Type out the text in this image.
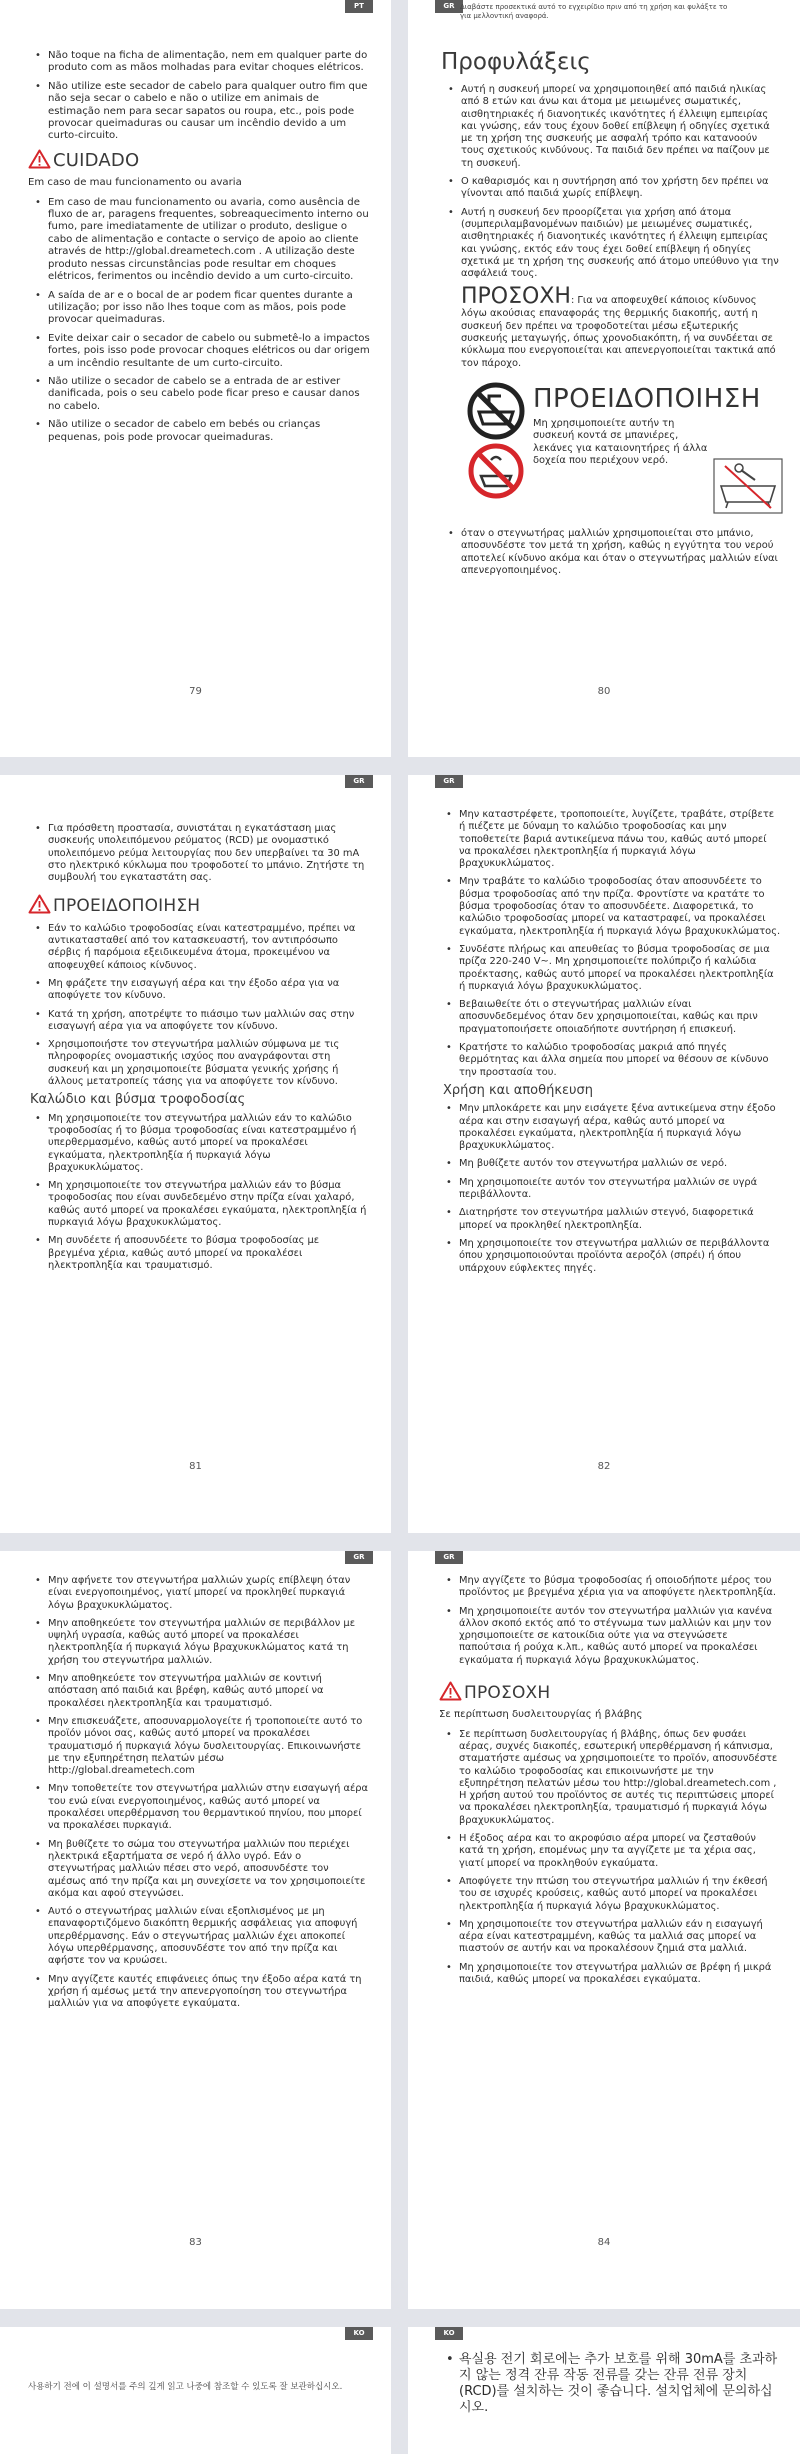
PT
• Não toque na ficha de alimentação, nem em qualquer parte do produto com as mãos molhadas para evitar choques elétricos.
• Não utilize este secador de cabelo para qualquer outro fim que não seja secar o cabelo e não o utilize em animais de estimação nem para secar sapatos ou roupa, etc., pois pode provocar queimaduras ou causar um incêndio devido a um curto-circuito.
CUIDADO
Em caso de mau funcionamento ou avaria
• Em caso de mau funcionamento ou avaria, como ausência de fluxo de ar, paragens frequentes, sobreaquecimento interno ou fumo, pare imediatamente de utilizar o produto, desligue o cabo de alimentação e contacte o serviço de apoio ao cliente através de http://global.dreametech.com . A utilização deste produto nessas circunstâncias pode resultar em choques elétricos, ferimentos ou incêndio devido a um curto-circuito.
• A saída de ar e o bocal de ar podem ficar quentes durante a utilização; por isso não lhes toque com as mãos, pois pode provocar queimaduras.
• Evite deixar cair o secador de cabelo ou submetê-lo a impactos fortes, pois isso pode provocar choques elétricos ou dar origem a um incêndio resultante de um curto-circuito.
• Não utilize o secador de cabelo se a entrada de ar estiver danificada, pois o seu cabelo pode ficar preso e causar danos no cabelo.
• Não utilize o secador de cabelo em bebés ou crianças pequenas, pois pode provocar queimaduras.
79
GR Διαβάστε προσεκτικά αυτό το εγχειρίδιο πριν από τη χρήση και φυλάξτε το για μελλοντική αναφορά.
Προφυλάξεις
• Αυτή η συσκευή μπορεί να χρησιμοποιηθεί από παιδιά ηλικίας από 8 ετών και άνω και άτομα με μειωμένες σωματικές, αισθητηριακές ή διανοητικές ικανότητες ή έλλειψη εμπειρίας και γνώσης, εάν τους έχουν δοθεί επίβλεψη ή οδηγίες σχετικά με τη χρήση της συσκευής με ασφαλή τρόπο και κατανοούν τους σχετικούς κινδύνους. Τα παιδιά δεν πρέπει να παίζουν με τη συσκευή.
• Ο καθαρισμός και η συντήρηση από τον χρήστη δεν πρέπει να γίνονται από παιδιά χωρίς επίβλεψη.
• Αυτή η συσκευή δεν προορίζεται για χρήση από άτομα (συμπεριλαμβανομένων παιδιών) με μειωμένες σωματικές, αισθητηριακές ή διανοητικές ικανότητες ή έλλειψη εμπειρίας και γνώσης, εκτός εάν τους έχει δοθεί επίβλεψη ή οδηγίες σχετικά με τη χρήση της συσκευής από άτομο υπεύθυνο για την ασφάλειά τους.
ΠΡΟΣΟΧΗ: Για να αποφευχθεί κάποιος κίνδυνος λόγω ακούσιας επαναφοράς της θερμικής διακοπής, αυτή η συσκευή δεν πρέπει να τροφοδοτείται μέσω εξωτερικής συσκευής μεταγωγής, όπως χρονοδιακόπτη, ή να συνδέεται σε κύκλωμα που ενεργοποιείται και απενεργοποιείται τακτικά από τον πάροχο.
ΠΡΟΕΙΔΟΠΟΙΗΣΗ
Μη χρησιμοποιείτε αυτήν τη συσκευή κοντά σε μπανιέρες, λεκάνες για καταιονητήρες ή άλλα δοχεία που περιέχουν νερό.
• όταν ο στεγνωτήρας μαλλιών χρησιμοποιείται στο μπάνιο, αποσυνδέστε τον μετά τη χρήση, καθώς η εγγύτητα του νερού αποτελεί κίνδυνο ακόμα και όταν ο στεγνωτήρας μαλλιών είναι απενεργοποιημένος.
80
GR
• Για πρόσθετη προστασία, συνιστάται η εγκατάσταση μιας συσκευής υπολειπόμενου ρεύματος (RCD) με ονομαστικό υπολειπόμενο ρεύμα λειτουργίας που δεν υπερβαίνει τα 30 mA στο ηλεκτρικό κύκλωμα που τροφοδοτεί το μπάνιο. Ζητήστε τη συμβουλή του εγκαταστάτη σας.
ΠΡΟΕΙΔΟΠΟΙΗΣΗ
• Εάν το καλώδιο τροφοδοσίας είναι κατεστραμμένο, πρέπει να αντικατασταθεί από τον κατασκευαστή, τον αντιπρόσωπο σέρβις ή παρόμοια εξειδικευμένα άτομα, προκειμένου να αποφευχθεί κάποιος κίνδυνος.
• Μη φράζετε την εισαγωγή αέρα και την έξοδο αέρα για να αποφύγετε τον κίνδυνο.
• Κατά τη χρήση, αποτρέψτε το πιάσιμο των μαλλιών σας στην εισαγωγή αέρα για να αποφύγετε τον κίνδυνο.
• Χρησιμοποιήστε τον στεγνωτήρα μαλλιών σύμφωνα με τις πληροφορίες ονομαστικής ισχύος που αναγράφονται στη συσκευή και μη χρησιμοποιείτε βύσματα γενικής χρήσης ή άλλους μετατροπείς τάσης για να αποφύγετε τον κίνδυνο.
Καλώδιο και βύσμα τροφοδοσίας
• Μη χρησιμοποιείτε τον στεγνωτήρα μαλλιών εάν το καλώδιο τροφοδοσίας ή το βύσμα τροφοδοσίας είναι κατεστραμμένο ή υπερθερμασμένο, καθώς αυτό μπορεί να προκαλέσει εγκαύματα, ηλεκτροπληξία ή πυρκαγιά λόγω βραχυκυκλώματος.
• Μη χρησιμοποιείτε τον στεγνωτήρα μαλλιών εάν το βύσμα τροφοδοσίας που είναι συνδεδεμένο στην πρίζα είναι χαλαρό, καθώς αυτό μπορεί να προκαλέσει εγκαύματα, ηλεκτροπληξία ή πυρκαγιά λόγω βραχυκυκλώματος.
• Μη συνδέετε ή αποσυνδέετε το βύσμα τροφοδοσίας με βρεγμένα χέρια, καθώς αυτό μπορεί να προκαλέσει ηλεκτροπληξία και τραυματισμό.
81
GR
• Μην καταστρέφετε, τροποποιείτε, λυγίζετε, τραβάτε, στρίβετε ή πιέζετε με δύναμη το καλώδιο τροφοδοσίας και μην τοποθετείτε βαριά αντικείμενα πάνω του, καθώς αυτό μπορεί να προκαλέσει ηλεκτροπληξία ή πυρκαγιά λόγω βραχυκυκλώματος.
• Μην τραβάτε το καλώδιο τροφοδοσίας όταν αποσυνδέετε το βύσμα τροφοδοσίας από την πρίζα. Φροντίστε να κρατάτε το βύσμα τροφοδοσίας όταν το αποσυνδέετε. Διαφορετικά, το καλώδιο τροφοδοσίας μπορεί να καταστραφεί, να προκαλέσει εγκαύματα, ηλεκτροπληξία ή πυρκαγιά λόγω βραχυκυκλώματος.
• Συνδέστε πλήρως και απευθείας το βύσμα τροφοδοσίας σε μια πρίζα 220-240 V~. Μη χρησιμοποιείτε πολύπριζο ή καλώδια προέκτασης, καθώς αυτό μπορεί να προκαλέσει ηλεκτροπληξία ή πυρκαγιά λόγω βραχυκυκλώματος.
• Βεβαιωθείτε ότι ο στεγνωτήρας μαλλιών είναι αποσυνδεδεμένος όταν δεν χρησιμοποιείται, καθώς και πριν πραγματοποιήσετε οποιαδήποτε συντήρηση ή επισκευή.
• Κρατήστε το καλώδιο τροφοδοσίας μακριά από πηγές θερμότητας και άλλα σημεία που μπορεί να θέσουν σε κίνδυνο την προστασία του.
Χρήση και αποθήκευση
• Μην μπλοκάρετε και μην εισάγετε ξένα αντικείμενα στην έξοδο αέρα και στην εισαγωγή αέρα, καθώς αυτό μπορεί να προκαλέσει εγκαύματα, ηλεκτροπληξία ή πυρκαγιά λόγω βραχυκυκλώματος.
• Μη βυθίζετε αυτόν τον στεγνωτήρα μαλλιών σε νερό.
• Μη χρησιμοποιείτε αυτόν τον στεγνωτήρα μαλλιών σε υγρά περιβάλλοντα.
• Διατηρήστε τον στεγνωτήρα μαλλιών στεγνό, διαφορετικά μπορεί να προκληθεί ηλεκτροπληξία.
• Μη χρησιμοποιείτε τον στεγνωτήρα μαλλιών σε περιβάλλοντα όπου χρησιμοποιούνται προϊόντα αεροζόλ (σπρέι) ή όπου υπάρχουν εύφλεκτες πηγές.
82
GR
• Μην αφήνετε τον στεγνωτήρα μαλλιών χωρίς επίβλεψη όταν είναι ενεργοποιημένος, γιατί μπορεί να προκληθεί πυρκαγιά λόγω βραχυκυκλώματος.
• Μην αποθηκεύετε τον στεγνωτήρα μαλλιών σε περιβάλλον με υψηλή υγρασία, καθώς αυτό μπορεί να προκαλέσει ηλεκτροπληξία ή πυρκαγιά λόγω βραχυκυκλώματος κατά τη χρήση του στεγνωτήρα μαλλιών.
• Μην αποθηκεύετε τον στεγνωτήρα μαλλιών σε κοντινή απόσταση από παιδιά και βρέφη, καθώς αυτό μπορεί να προκαλέσει ηλεκτροπληξία και τραυματισμό.
• Μην επισκευάζετε, αποσυναρμολογείτε ή τροποποιείτε αυτό το προϊόν μόνοι σας, καθώς αυτό μπορεί να προκαλέσει τραυματισμό ή πυρκαγιά λόγω δυσλειτουργίας. Επικοινωνήστε με την εξυπηρέτηση πελατών μέσω http://global.dreametech.com
• Μην τοποθετείτε τον στεγνωτήρα μαλλιών στην εισαγωγή αέρα του ενώ είναι ενεργοποιημένος, καθώς αυτό μπορεί να προκαλέσει υπερθέρμανση του θερμαντικού πηνίου, που μπορεί να προκαλέσει πυρκαγιά.
• Μη βυθίζετε το σώμα του στεγνωτήρα μαλλιών που περιέχει ηλεκτρικά εξαρτήματα σε νερό ή άλλο υγρό. Εάν ο στεγνωτήρας μαλλιών πέσει στο νερό, αποσυνδέστε τον αμέσως από την πρίζα και μη συνεχίσετε να τον χρησιμοποιείτε ακόμα και αφού στεγνώσει.
• Αυτό ο στεγνωτήρας μαλλιών είναι εξοπλισμένος με μη επαναφορτιζόμενο διακόπτη θερμικής ασφάλειας για αποφυγή υπερθέρμανσης. Εάν ο στεγνωτήρας μαλλιών έχει αποκοπεί λόγω υπερθέρμανσης, αποσυνδέστε τον από την πρίζα και αφήστε τον να κρυώσει.
• Μην αγγίζετε καυτές επιφάνειες όπως την έξοδο αέρα κατά τη χρήση ή αμέσως μετά την απενεργοποίηση του στεγνωτήρα μαλλιών για να αποφύγετε εγκαύματα.
83
GR
• Μην αγγίζετε το βύσμα τροφοδοσίας ή οποιοδήποτε μέρος του προϊόντος με βρεγμένα χέρια για να αποφύγετε ηλεκτροπληξία.
• Μη χρησιμοποιείτε αυτόν τον στεγνωτήρα μαλλιών για κανένα άλλον σκοπό εκτός από το στέγνωμα των μαλλιών και μην τον χρησιμοποιείτε σε κατοικίδια ούτε για να στεγνώσετε παπούτσια ή ρούχα κ.λπ., καθώς αυτό μπορεί να προκαλέσει εγκαύματα ή πυρκαγιά λόγω βραχυκυκλώματος.
ΠΡΟΣΟΧΗ
Σε περίπτωση δυσλειτουργίας ή βλάβης
• Σε περίπτωση δυσλειτουργίας ή βλάβης, όπως δεν φυσάει αέρας, συχνές διακοπές, εσωτερική υπερθέρμανση ή κάπνισμα, σταματήστε αμέσως να χρησιμοποιείτε το προϊόν, αποσυνδέστε το καλώδιο τροφοδοσίας και επικοινωνήστε με την εξυπηρέτηση πελατών μέσω του http://global.dreametech.com , Η χρήση αυτού του προϊόντος σε αυτές τις περιπτώσεις μπορεί να προκαλέσει ηλεκτροπληξία, τραυματισμό ή πυρκαγιά λόγω βραχυκυκλώματος.
• Η έξοδος αέρα και το ακροφύσιο αέρα μπορεί να ζεσταθούν κατά τη χρήση, επομένως μην τα αγγίζετε με τα χέρια σας, γιατί μπορεί να προκληθούν εγκαύματα.
• Αποφύγετε την πτώση του στεγνωτήρα μαλλιών ή την έκθεσή του σε ισχυρές κρούσεις, καθώς αυτό μπορεί να προκαλέσει ηλεκτροπληξία ή πυρκαγιά λόγω βραχυκυκλώματος.
• Μη χρησιμοποιείτε τον στεγνωτήρα μαλλιών εάν η εισαγωγή αέρα είναι κατεστραμμένη, καθώς τα μαλλιά σας μπορεί να πιαστούν σε αυτήν και να προκαλέσουν ζημιά στα μαλλιά.
• Μη χρησιμοποιείτε τον στεγνωτήρα μαλλιών σε βρέφη ή μικρά παιδιά, καθώς μπορεί να προκαλέσει εγκαύματα.
84
KO
사용하기 전에 이 설명서를 주의 깊게 읽고 나중에 참조할 수 있도록 잘 보관하십시오.
KO
• 욕실용 전기 회로에는 추가 보호를 위해 30mA를 초과하지 않는 정격 잔류 작동 전류를 갖는 잔류 전류 장치(RCD)를 설치하는 것이 좋습니다. 설치업체에 문의하십시오.
